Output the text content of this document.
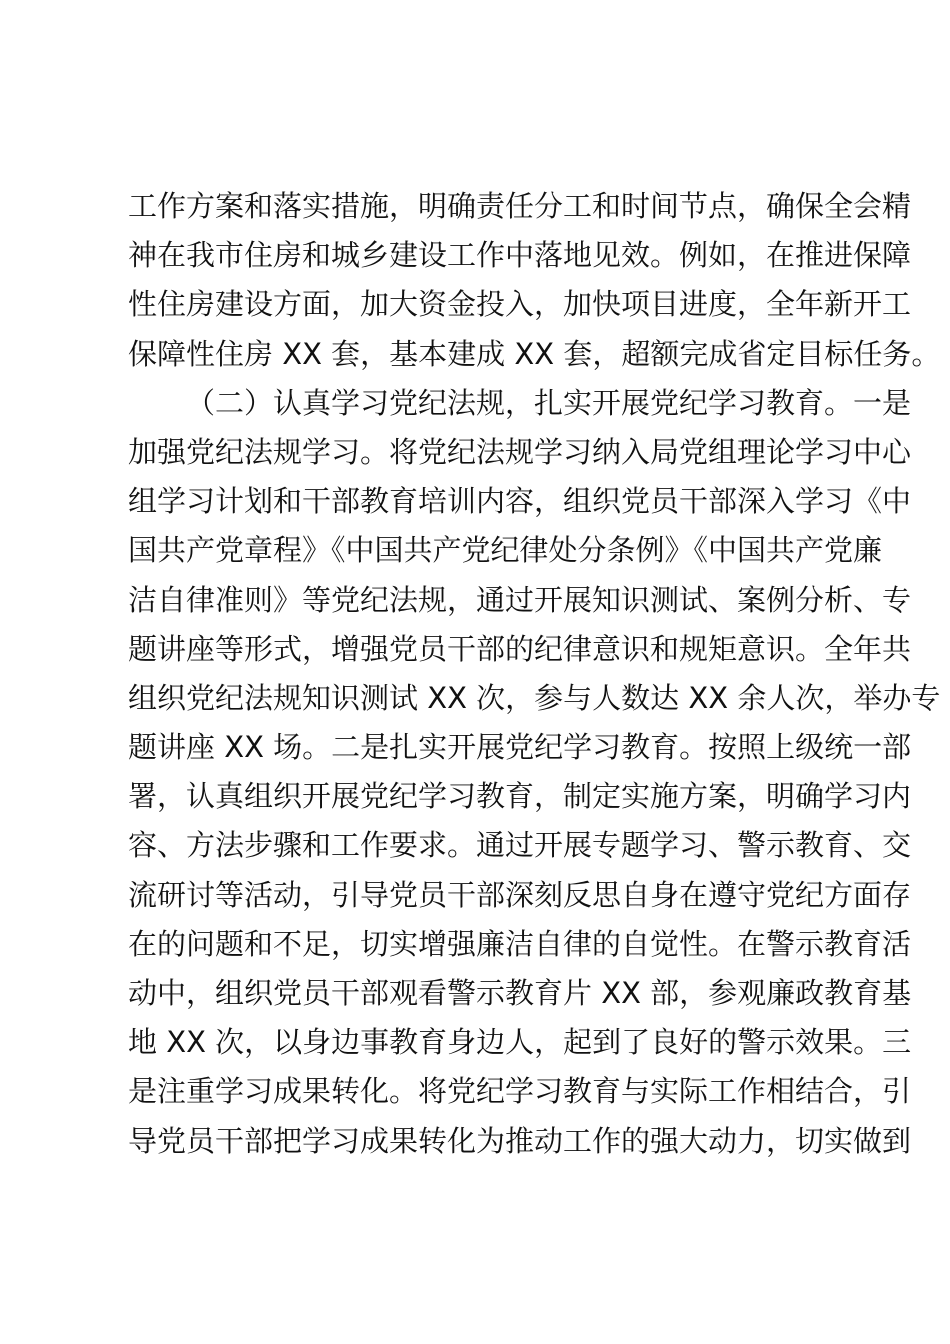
工作方案和落实措施，明确责任分工和时间节点，确保全会精
神在我市住房和城乡建设工作中落地见效。例如，在推进保障
性住房建设方面，加大资金投入，加快项目进度，全年新开工
保障性住房 XX 套，基本建成 XX 套，超额完成省定目标任务。
（二）认真学习党纪法规，扎实开展党纪学习教育。一是
加强党纪法规学习。将党纪法规学习纳入局党组理论学习中心
组学习计划和干部教育培训内容，组织党员干部深入学习《中
国共产党章程》《中国共产党纪律处分条例》《中国共产党廉
洁自律准则》等党纪法规，通过开展知识测试、案例分析、专
题讲座等形式，增强党员干部的纪律意识和规矩意识。全年共
组织党纪法规知识测试 XX 次，参与人数达 XX 余人次，举办专
题讲座 XX 场。二是扎实开展党纪学习教育。按照上级统一部
署，认真组织开展党纪学习教育，制定实施方案，明确学习内
容、方法步骤和工作要求。通过开展专题学习、警示教育、交
流研讨等活动，引导党员干部深刻反思自身在遵守党纪方面存
在的问题和不足，切实增强廉洁自律的自觉性。在警示教育活
动中，组织党员干部观看警示教育片 XX 部，参观廉政教育基
地 XX 次，以身边事教育身边人，起到了良好的警示效果。三
是注重学习成果转化。将党纪学习教育与实际工作相结合，引
导党员干部把学习成果转化为推动工作的强大动力，切实做到
